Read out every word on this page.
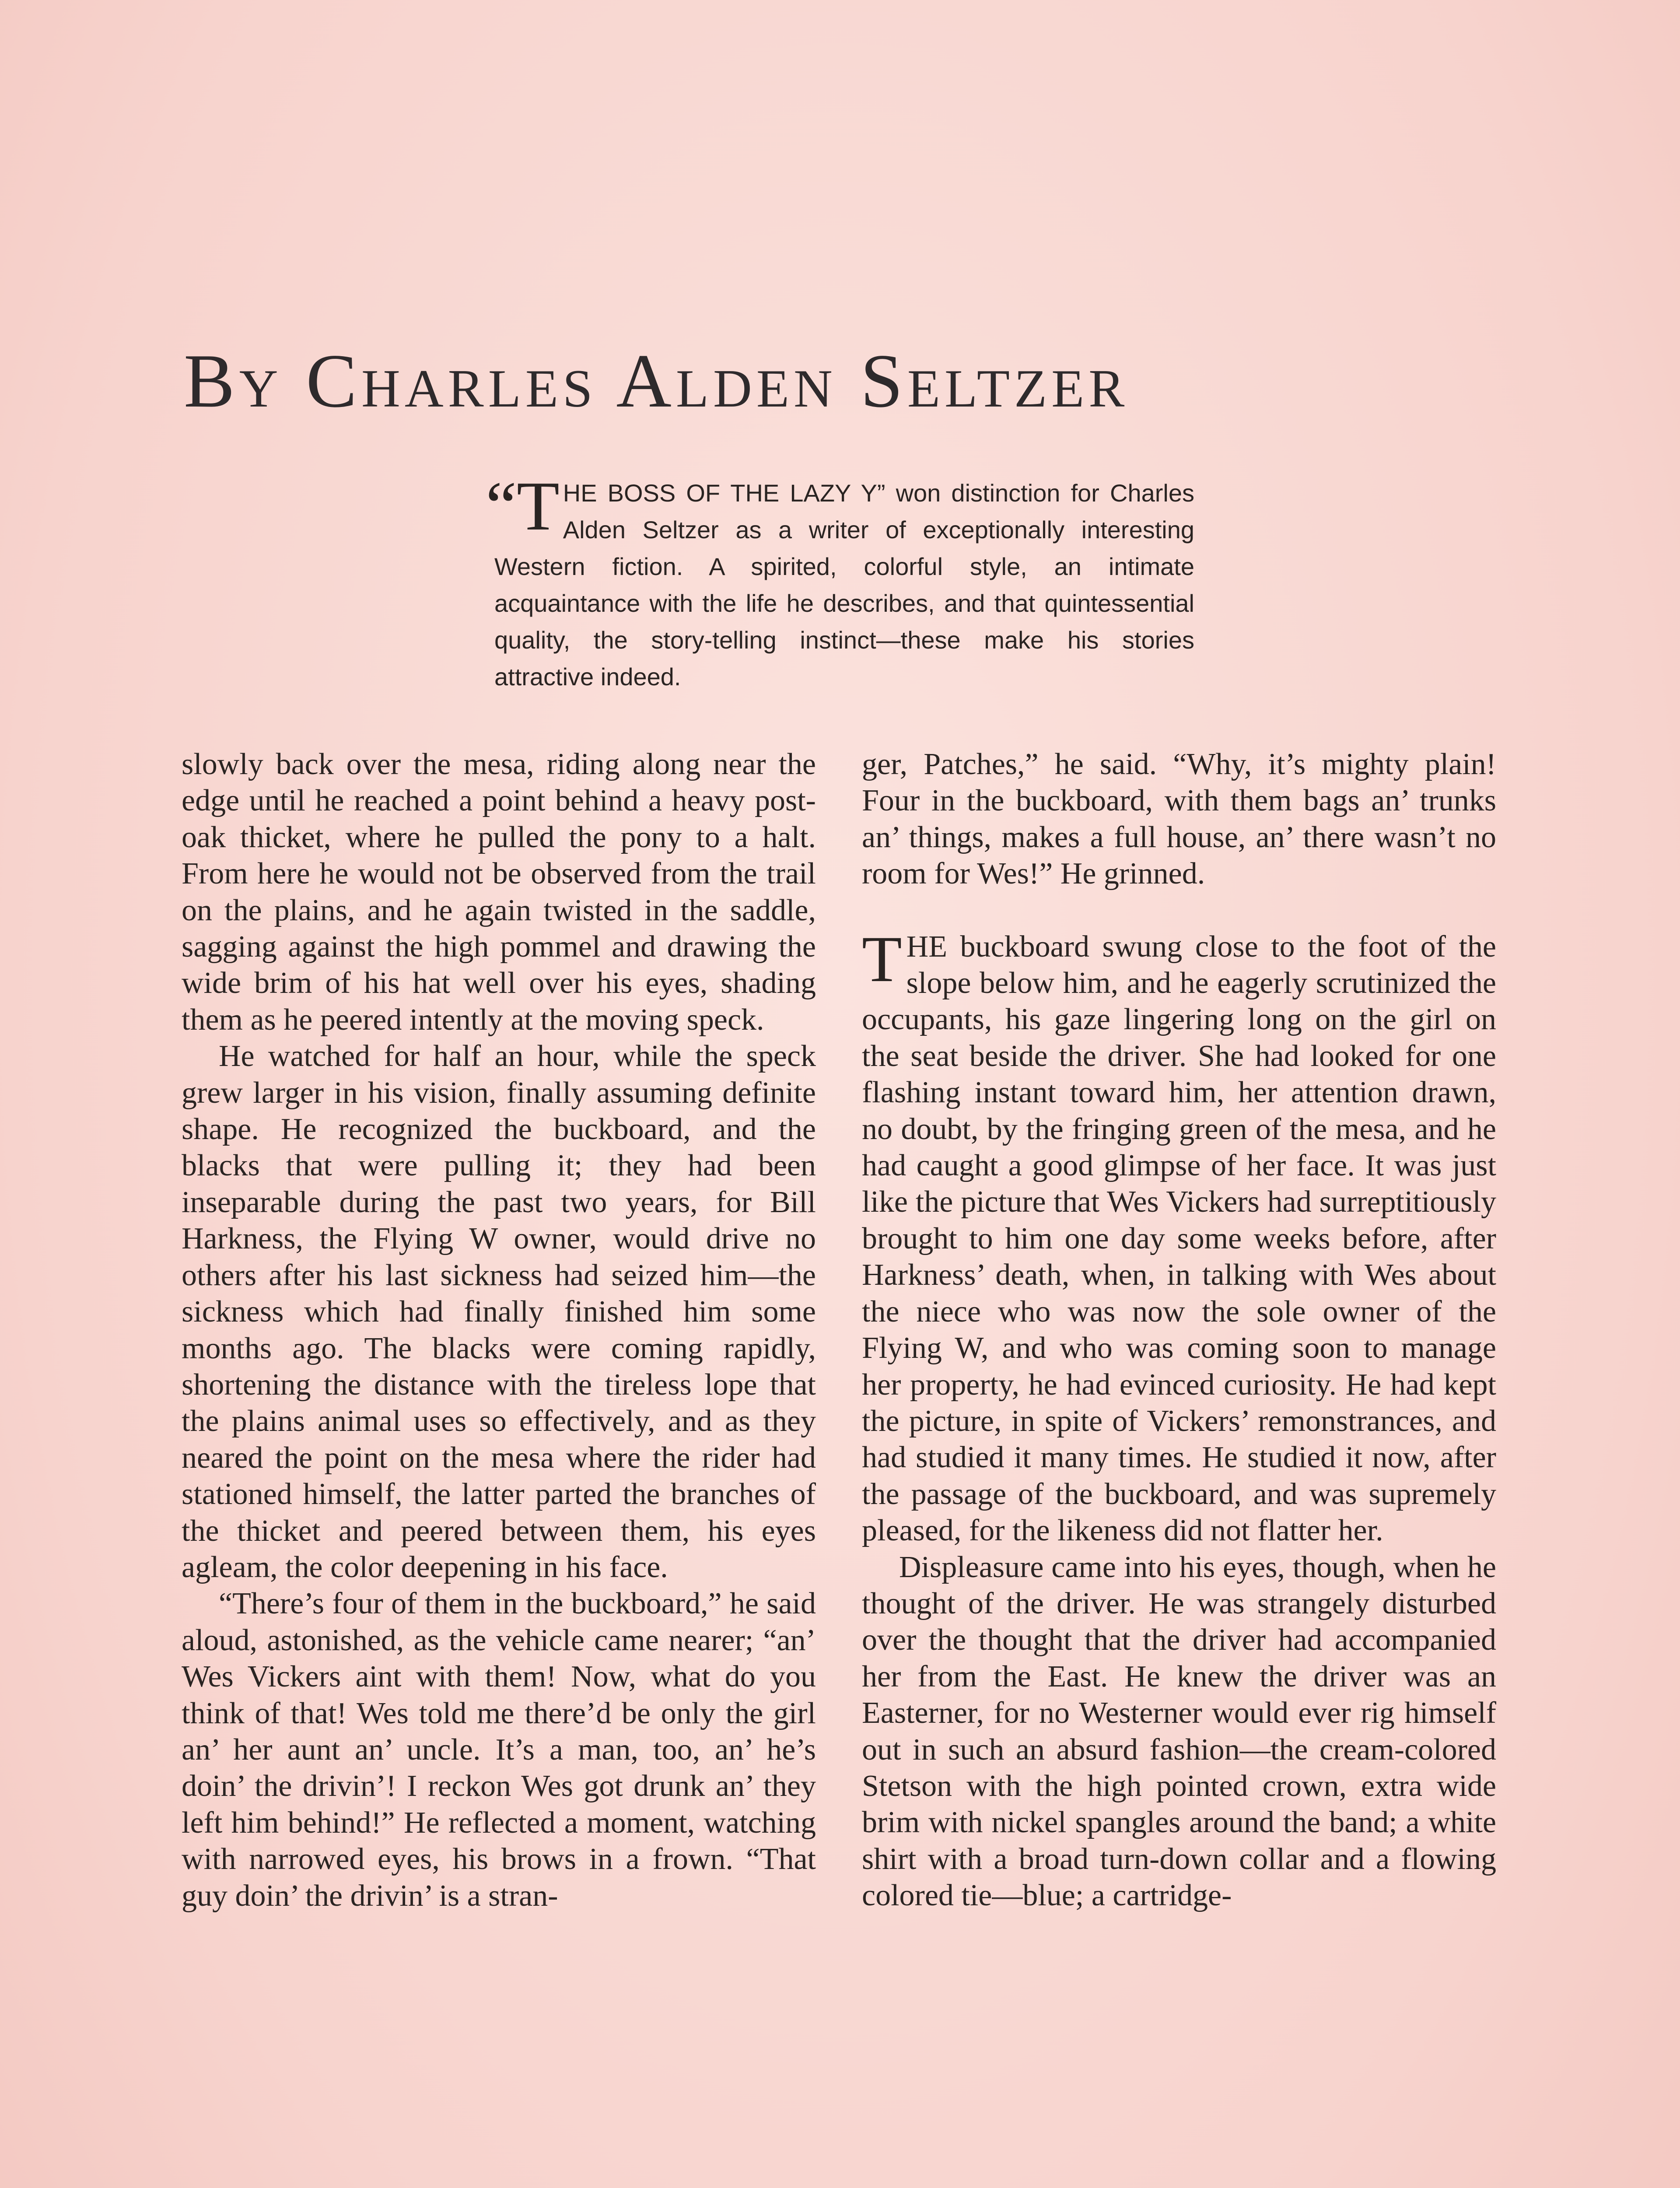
By Charles Alden Seltzer
“T HE BOSS OF THE LAZY Y” won distinction for Charles Alden Seltzer as a writer of exceptionally interesting Western fiction. A spirited, colorful style, an intimate acquaintance with the life he describes, and that quintessential quality, the story-telling instinct—these make his stories attractive indeed.

slowly back over the mesa, riding along near the edge until he reached a point behind a heavy post-oak thicket, where he pulled the pony to a halt. From here he would not be observed from the trail on the plains, and he again twisted in the saddle, sagging against the high pommel and drawing the wide brim of his hat well over his eyes, shading them as he peered intently at the moving speck.

He watched for half an hour, while the speck grew larger in his vision, finally assuming definite shape. He recognized the buckboard, and the blacks that were pulling it; they had been inseparable during the past two years, for Bill Harkness, the Flying W owner, would drive no others after his last sickness had seized him—the sickness which had finally finished him some months ago. The blacks were coming rapidly, shortening the distance with the tireless lope that the plains animal uses so effectively, and as they neared the point on the mesa where the rider had stationed himself, the latter parted the branches of the thicket and peered between them, his eyes agleam, the color deepening in his face.

“There’s four of them in the buckboard,” he said aloud, astonished, as the vehicle came nearer; “an’ Wes Vickers aint with them! Now, what do you think of that! Wes told me there’d be only the girl an’ her aunt an’ uncle. It’s a man, too, an’ he’s doin’ the drivin’! I reckon Wes got drunk an’ they left him behind!” He reflected a moment, watching with narrowed eyes, his brows in a frown. “That guy doin’ the drivin’ is a stran-

ger, Patches,” he said. “Why, it’s mighty plain! Four in the buckboard, with them bags an’ trunks an’ things, makes a full house, an’ there wasn’t no room for Wes!” He grinned.

THE buckboard swung close to the foot of the slope below him, and he eagerly scrutinized the occupants, his gaze lingering long on the girl on the seat beside the driver. She had looked for one flashing instant toward him, her attention drawn, no doubt, by the fringing green of the mesa, and he had caught a good glimpse of her face. It was just like the picture that Wes Vickers had surreptitiously brought to him one day some weeks before, after Harkness’ death, when, in talking with Wes about the niece who was now the sole owner of the Flying W, and who was coming soon to manage her property, he had evinced curiosity. He had kept the picture, in spite of Vickers’ remonstrances, and had studied it many times. He studied it now, after the passage of the buckboard, and was supremely pleased, for the likeness did not flatter her.

Displeasure came into his eyes, though, when he thought of the driver. He was strangely disturbed over the thought that the driver had accompanied her from the East. He knew the driver was an Easterner, for no Westerner would ever rig himself out in such an absurd fashion—the cream-colored Stetson with the high pointed crown, extra wide brim with nickel spangles around the band; a white shirt with a broad turn-down collar and a flowing colored tie—blue; a cartridge-
